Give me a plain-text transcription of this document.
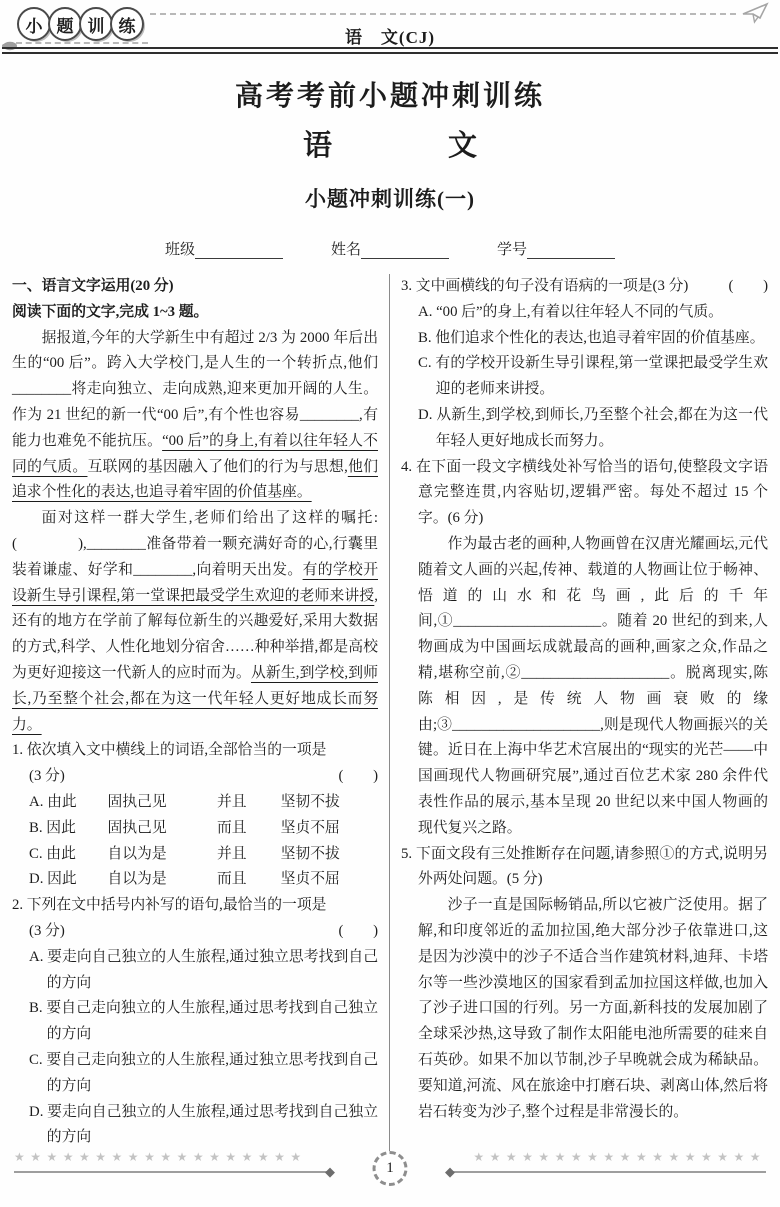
小 题 训 练
语　文(CJ)
高考考前小题冲刺训练
语　　　　文
小题冲刺训练(一)
班级	姓名	学号
一、语言文字运用(20 分)
阅读下面的文字,完成 1~3 题。

据报道,今年的大学新生中有超过 2/3 为 2000 年后出生的“00 后”。跨入大学校门,是人生的一个转折点,他们________将走向独立、走向成熟,迎来更加开阔的人生。作为 21 世纪的新一代“00 后”,有个性也容易________,有能力也难免不能抗压。“00 后”的身上,有着以往年轻人不同的气质。互联网的基因融入了他们的行为与思想,他们追求个性化的表达,也追寻着牢固的价值基座。

面对这样一群大学生,老师们给出了这样的嘱托:(　　　　),________准备带着一颗充满好奇的心,行囊里装着谦虚、好学和________,向着明天出发。有的学校开设新生导引课程,第一堂课把最受学生欢迎的老师来讲授,还有的地方在学前了解每位新生的兴趣爱好,采用大数据的方式,科学、人性化地划分宿舍……种种举措,都是高校为更好迎接这一代新人的应时而为。从新生,到学校,到师长,乃至整个社会,都在为这一代年轻人更好地成长而努力。

1. 依次填入文中横线上的词语,全部恰当的一项是
(3 分)	(　　)
A. 由此	固执己见	并且	坚韧不拔
B. 因此	固执己见	而且	坚贞不屈
C. 由此	自以为是	并且	坚韧不拔
D. 因此	自以为是	而且	坚贞不屈
2. 下列在文中括号内补写的语句,最恰当的一项是
(3 分)	(　　)
A. 要走向自己独立的人生旅程,通过独立思考找到自己的方向
B. 要自己走向独立的人生旅程,通过思考找到自己独立的方向
C. 要自己走向独立的人生旅程,通过独立思考找到自己的方向
D. 要走向自己独立的人生旅程,通过思考找到自己独立的方向
3. 文中画横线的句子没有语病的一项是(3 分)	(　　)
A. “00 后”的身上,有着以往年轻人不同的气质。
B. 他们追求个性化的表达,也追寻着牢固的价值基座。
C. 有的学校开设新生导引课程,第一堂课把最受学生欢迎的老师来讲授。
D. 从新生,到学校,到师长,乃至整个社会,都在为这一代年轻人更好地成长而努力。
4. 在下面一段文字横线处补写恰当的语句,使整段文字语意完整连贯,内容贴切,逻辑严密。每处不超过 15 个字。(6 分)

作为最古老的画种,人物画曾在汉唐光耀画坛,元代随着文人画的兴起,传神、载道的人物画让位于畅神、悟道的山水和花鸟画,此后的千年间,①____________________。随着 20 世纪的到来,人物画成为中国画坛成就最高的画种,画家之众,作品之精,堪称空前,②____________________。脱离现实,陈陈相因,是传统人物画衰败的缘由;③____________________,则是现代人物画振兴的关键。近日在上海中华艺术宫展出的“现实的光芒——中国画现代人物画研究展”,通过百位艺术家 280 余件代表性作品的展示,基本呈现 20 世纪以来中国人物画的现代复兴之路。

5. 下面文段有三处推断存在问题,请参照①的方式,说明另外两处问题。(5 分)

沙子一直是国际畅销品,所以它被广泛使用。据了解,和印度邻近的孟加拉国,绝大部分沙子依靠进口,这是因为沙漠中的沙子不适合当作建筑材料,迪拜、卡塔尔等一些沙漠地区的国家看到孟加拉国这样做,也加入了沙子进口国的行列。另一方面,新科技的发展加剧了全球采沙热,这导致了制作太阳能电池所需要的硅来自石英砂。如果不加以节制,沙子早晚就会成为稀缺品。要知道,河流、风在旅途中打磨石块、剥离山体,然后将岩石转变为沙子,整个过程是非常漫长的。

★★★★★★★★★★★★★★★★★★
◆	1
★★★★★★★★★★★★★★★★★★
◆
